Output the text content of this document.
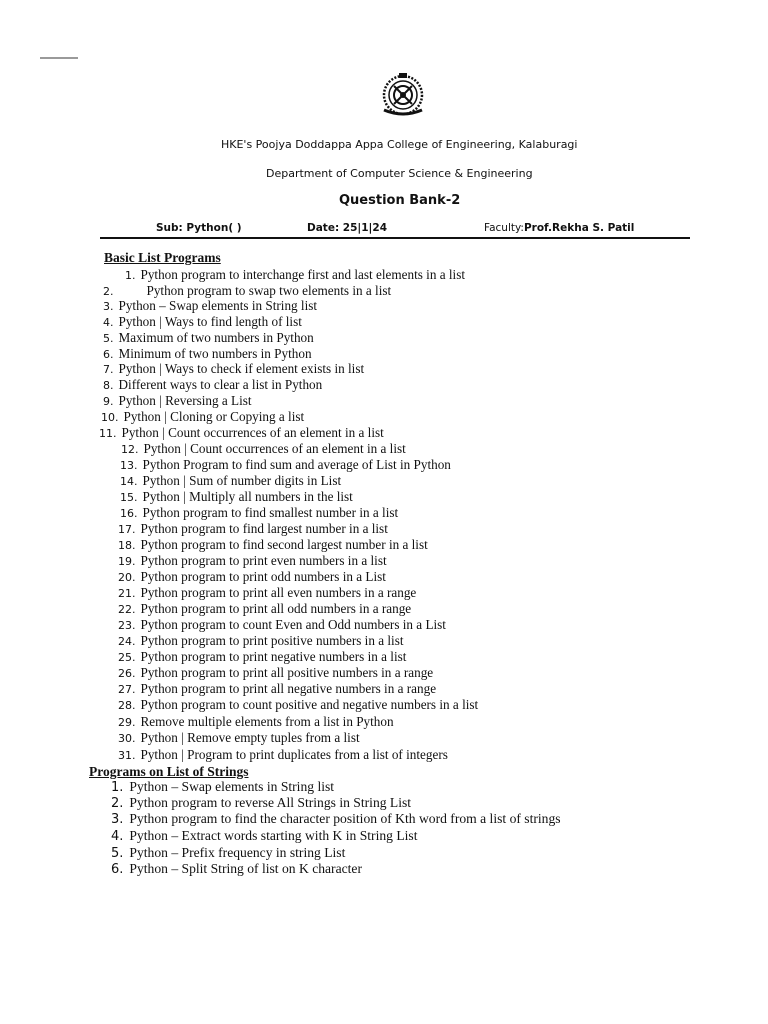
HKE's Poojya Doddappa Appa College of Engineering, Kalaburagi
Department of Computer Science & Engineering
Question Bank-2
Sub: Python( )	Date: 25|1|24	Faculty:Prof.Rekha S. Patil
Basic List Programs
1. Python program to interchange first and last elements in a list
2.	Python program to swap two elements in a list
3. Python – Swap elements in String list
4. Python | Ways to find length of list
5. Maximum of two numbers in Python
6. Minimum of two numbers in Python
7. Python | Ways to check if element exists in list
8. Different ways to clear a list in Python
9. Python | Reversing a List
10. Python | Cloning or Copying a list
11. Python | Count occurrences of an element in a list
12. Python | Count occurrences of an element in a list
13. Python Program to find sum and average of List in Python
14. Python | Sum of number digits in List
15. Python | Multiply all numbers in the list
16. Python program to find smallest number in a list
17. Python program to find largest number in a list
18. Python program to find second largest number in a list
19. Python program to print even numbers in a list
20. Python program to print odd numbers in a List
21. Python program to print all even numbers in a range
22. Python program to print all odd numbers in a range
23. Python program to count Even and Odd numbers in a List
24. Python program to print positive numbers in a list
25. Python program to print negative numbers in a list
26. Python program to print all positive numbers in a range
27. Python program to print all negative numbers in a range
28. Python program to count positive and negative numbers in a list
29. Remove multiple elements from a list in Python
30. Python | Remove empty tuples from a list
31. Python | Program to print duplicates from a list of integers
Programs on List of Strings
1. Python – Swap elements in String list
2. Python program to reverse All Strings in String List
3. Python program to find the character position of Kth word from a list of strings
4. Python – Extract words starting with K in String List
5. Python – Prefix frequency in string List
6. Python – Split String of list on K character
